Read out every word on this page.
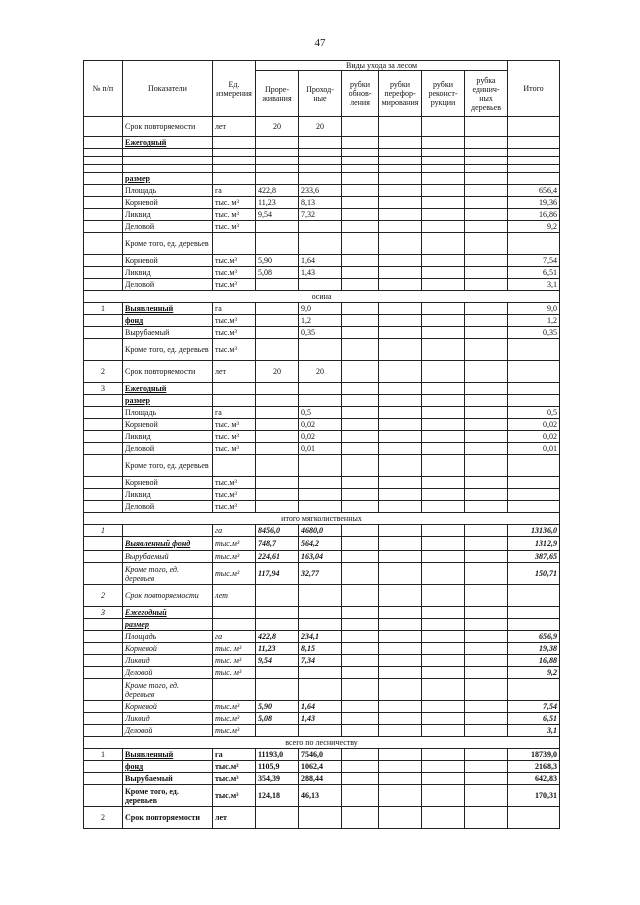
47
№ п/п	Показатели	Ед. измерения	Виды ухода за лесом						Итого
			Проре-живания	Проход-ные	рубки обнов-ления	рубки перефор-мирования	рубки реконст-рукции	рубка единич-ных деревьев	
	Срок повторяемости	лет	20	20					
	Ежегодный								

	размер								
	Площадь	га	422,8	233,6					656,4
	Корневой	тыс. м³	11,23	8,13					19,36
	Ликвид	тыс. м³	9,54	7,32					16,86
	Деловой	тыс. м³							9,2
	Кроме того, ед. деревьев								
	Корневой	тыс.м³	5,90	1,64					7,54
	Ликвид	тыс.м³	5,08	1,43					6,51
	Деловой	тыс.м³							3,1
осина									
1	Выявленный	га		9,0					9,0
	фонд	тыс.м³		1,2					1,2
	Вырубаемый	тыс.м³		0,35					0,35
	Кроме того, ед. деревьев	тыс.м³							
2	Срок повторяемости	лет	20	20					
3	Ежегодный								
	размер								
	Площадь	га		0,5					0,5
	Корневой	тыс. м³		0,02					0,02
	Ликвид	тыс. м³		0,02					0,02
	Деловой	тыс. м³		0,01					0,01
	Кроме того, ед. деревьев								
	Корневой	тыс.м³							
	Ликвид	тыс.м³							
	Деловой	тыс.м³							
итого мягколиственных									
1		га	8456,0	4680,0					13136,0
	Выявленный фонд	тыс.м³	748,7	564,2					1312,9
	Вырубаемый	тыс.м³	224,61	163,04					387,65
	Кроме того, ед. деревьев	тыс.м³	117,94	32,77					150,71
2	Срок повторяемости	лет							
3	Ежегодный								
	размер								
	Площадь	га	422,8	234,1					656,9
	Корневой	тыс. м³	11,23	8,15					19,38
	Ликвид	тыс. м³	9,54	7,34					16,88
	Деловой	тыс. м³							9,2
	Кроме того, ед. деревьев								
	Корневой	тыс.м³	5,90	1,64					7,54
	Ликвид	тыс.м³	5,08	1,43					6,51
	Деловой	тыс.м³							3,1
всего по лесничеству									
1	Выявленный	га	11193,0	7546,0					18739,0
	фонд	тыс.м³	1105,9	1062,4					2168,3
	Вырубаемый	тыс.м³	354,39	288,44					642,83
	Кроме того, ед. деревьев	тыс.м³	124,18	46,13					170,31
2	Срок повторяемости	лет							
